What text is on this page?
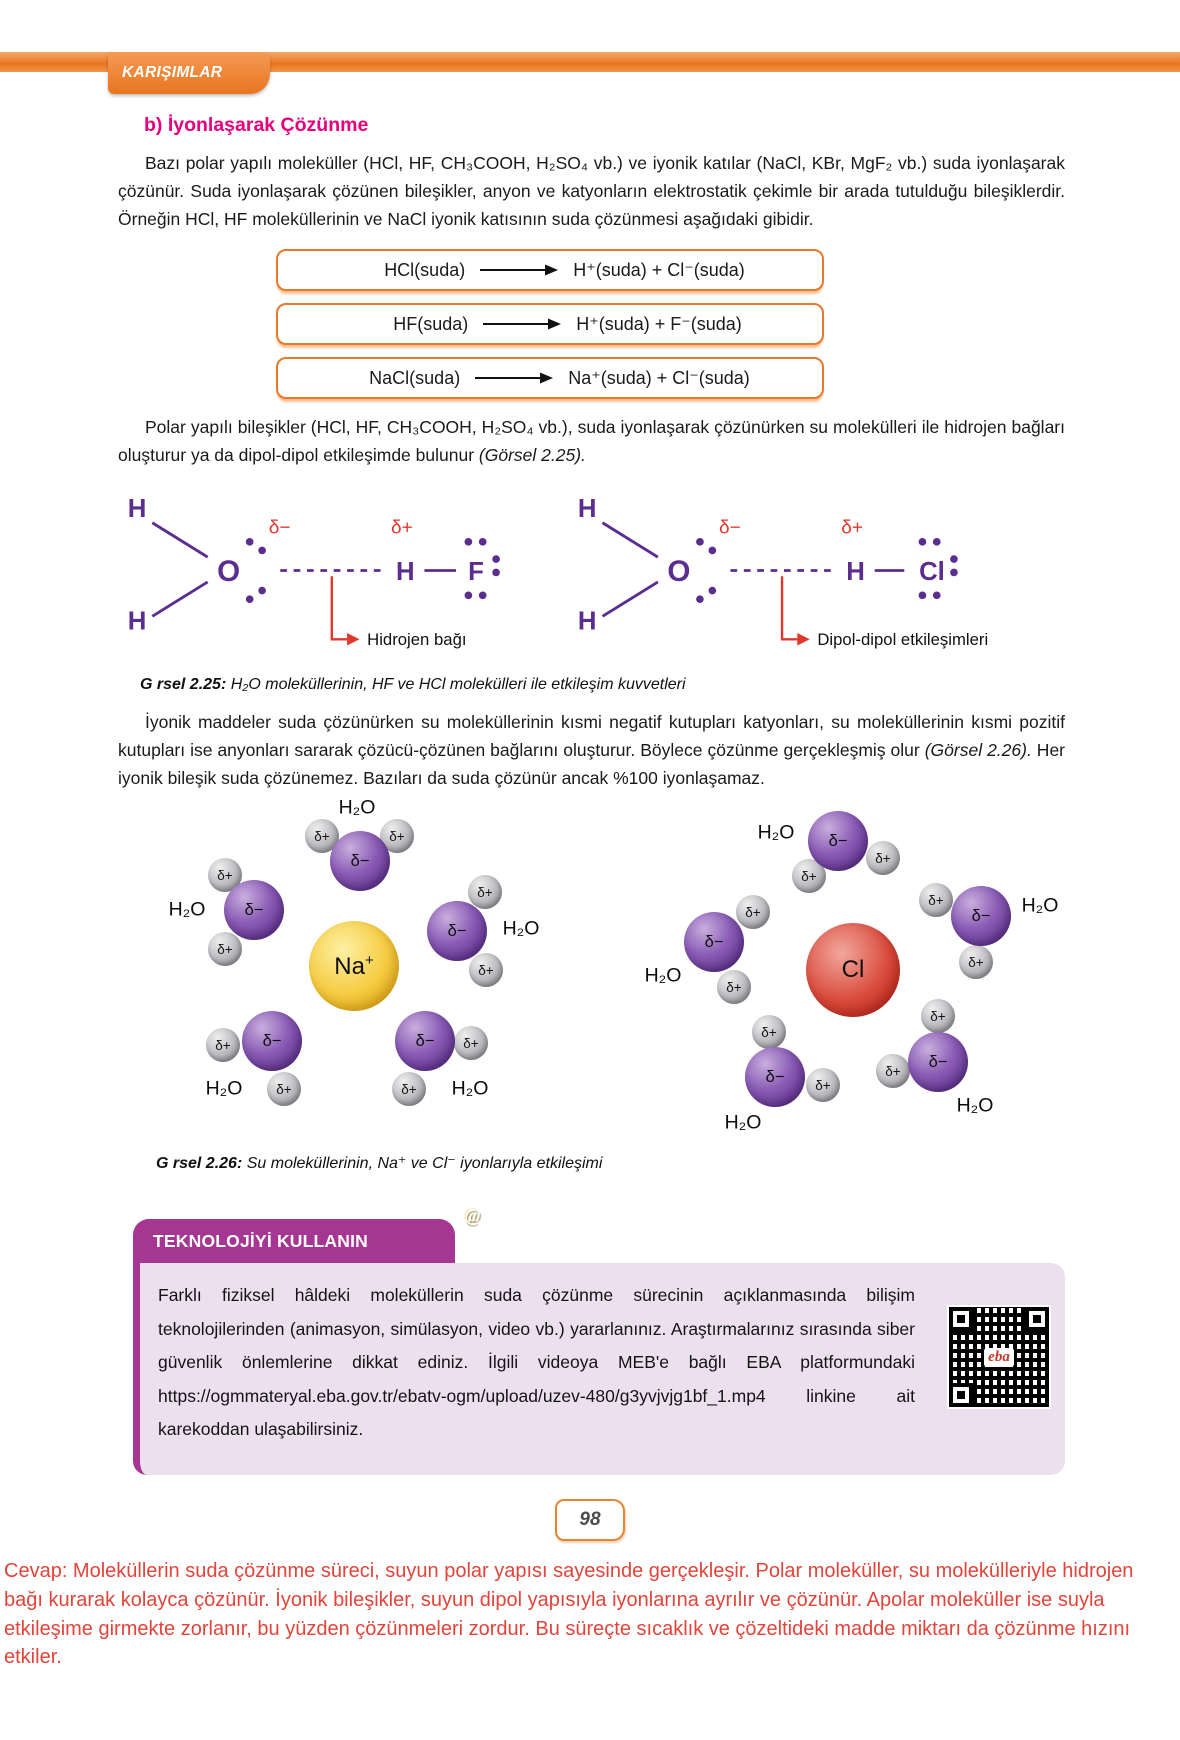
KARIŞIMLAR
b) İyonlaşarak Çözünme

Bazı polar yapılı moleküller (HCl, HF, CH₃COOH, H₂SO₄ vb.) ve iyonik katılar (NaCl, KBr, MgF₂ vb.) suda iyonlaşarak çözünür. Suda iyonlaşarak çözünen bileşikler, anyon ve katyonların elektrostatik çekimle bir arada tutulduğu bileşiklerdir. Örneğin HCl, HF moleküllerinin ve NaCl iyonik katısının suda çözünmesi aşağıdaki gibidir.

HCl(suda)	H⁺(suda) + Cl⁻(suda)
HF(suda)	H⁺(suda) + F⁻(suda)
NaCl(suda)	Na⁺(suda) + Cl⁻(suda)

Polar yapılı bileşikler (HCl, HF, CH₃COOH, H₂SO₄ vb.), suda iyonlaşarak çözünürken su molekülleri ile hidrojen bağları oluşturur ya da dipol-dipol etkileşimde bulunur (Görsel 2.25).

H
H
O
δ−	δ+
H F
Hidrojen bağı
H
H
O
δ−	δ+
H Cl
Dipol-dipol etkileşimleri

G rsel 2.25: H₂O moleküllerinin, HF ve HCl molekülleri ile etkileşim kuvvetleri

İyonik maddeler suda çözünürken su moleküllerinin kısmi negatif kutupları katyonları, su moleküllerinin kısmi pozitif kutupları ise anyonları sararak çözücü-çözünen bağlarını oluşturur. Böylece çözünme gerçekleşmiş olur (Görsel 2.26). Her iyonik bileşik suda çözünemez. Bazıları da suda çözünür ancak %100 iyonlaşamaz.

δ+	δ+
δ−
H₂O
δ+
δ+
δ−
H₂O
δ+
δ+
δ−	H₂O
δ+
δ+
δ−
H₂O
δ+
δ+
δ−
H₂O
δ+
δ+
δ−
H₂O
δ+
δ+
δ−
H₂O
δ+
δ+
δ−	H₂O
δ+
δ+
δ−
H₂O
δ+
δ+
δ−
H₂O
Na+	Cl

G rsel 2.26: Su moleküllerinin, Na⁺ ve Cl⁻ iyonlarıyla etkileşimi

TEKNOLOJİYİ KULLANIN
@

Farklı fiziksel hâldeki moleküllerin suda çözünme sürecinin açıklanmasında bilişim teknolojilerinden (animasyon, simülasyon, video vb.) yararlanınız. Araştırmalarınız sırasında siber güvenlik önlemlerine dikkat ediniz. İlgili videoya MEB'e bağlı EBA platformundaki https://ogmmateryal.eba.gov.tr/ebatv-ogm/upload/uzev-480/g3yvjvjg1bf_1.mp4 linkine ait karekoddan ulaşabilirsiniz.

eba
98
Cevap: Moleküllerin suda çözünme süreci, suyun polar yapısı sayesinde gerçekleşir. Polar moleküller, su molekülleriyle hidrojen bağı kurarak kolayca çözünür. İyonik bileşikler, suyun dipol yapısıyla iyonlarına ayrılır ve çözünür. Apolar moleküller ise suyla etkileşime girmekte zorlanır, bu yüzden çözünmeleri zordur. Bu süreçte sıcaklık ve çözeltideki madde miktarı da çözünme hızını etkiler.
